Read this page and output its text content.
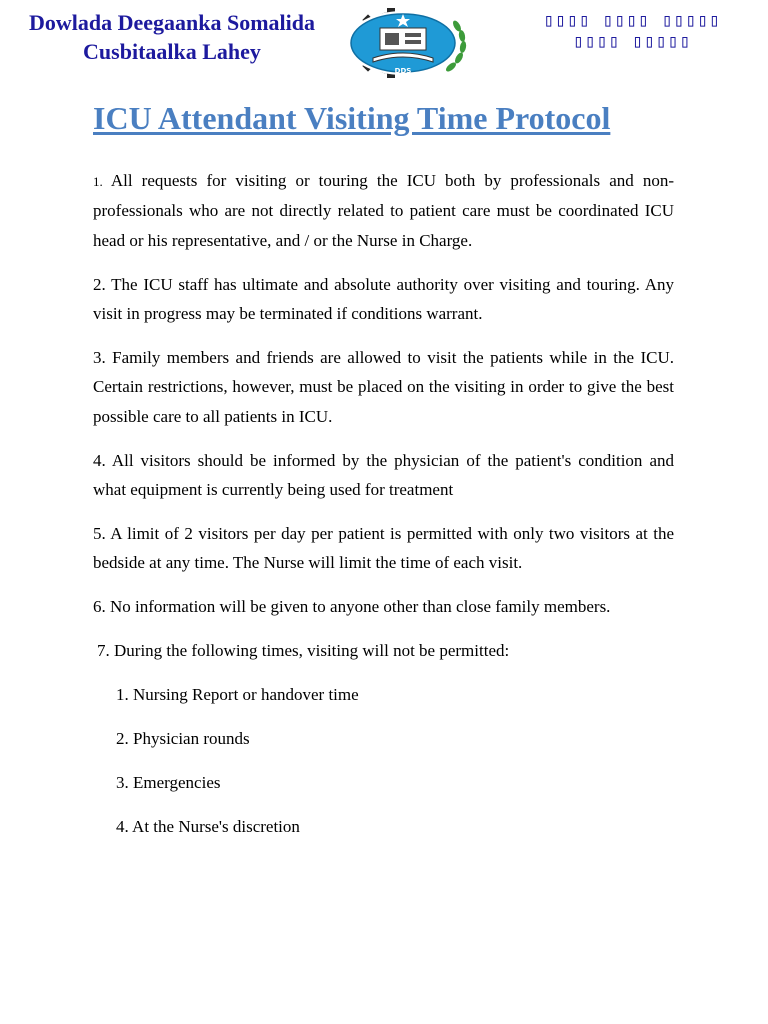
Dowlada Deegaanka Somalida
Cusbitaalka Lahey
DDS
▯▯▯▯ ▯▯▯▯ ▯▯▯▯▯
▯▯▯▯ ▯▯▯▯▯
ICU Attendant Visiting Time Protocol

1. All requests for visiting or touring the ICU both by professionals and non-professionals who are not directly related to patient care must be coordinated ICU head or his representative, and / or the Nurse in Charge.

2. The ICU staff has ultimate and absolute authority over visiting and touring. Any visit in progress may be terminated if conditions warrant.

3. Family members and friends are allowed to visit the patients while in the ICU. Certain restrictions, however, must be placed on the visiting in order to give the best possible care to all patients in ICU.

4. All visitors should be informed by the physician of the patient's condition and what equipment is currently being used for treatment

5. A limit of 2 visitors per day per patient is permitted with only two visitors at the bedside at any time. The Nurse will limit the time of each visit.

6. No information will be given to anyone other than close family members.

7. During the following times, visiting will not be permitted:

1. Nursing Report or handover time
2. Physician rounds
3. Emergencies
4. At the Nurse's discretion
